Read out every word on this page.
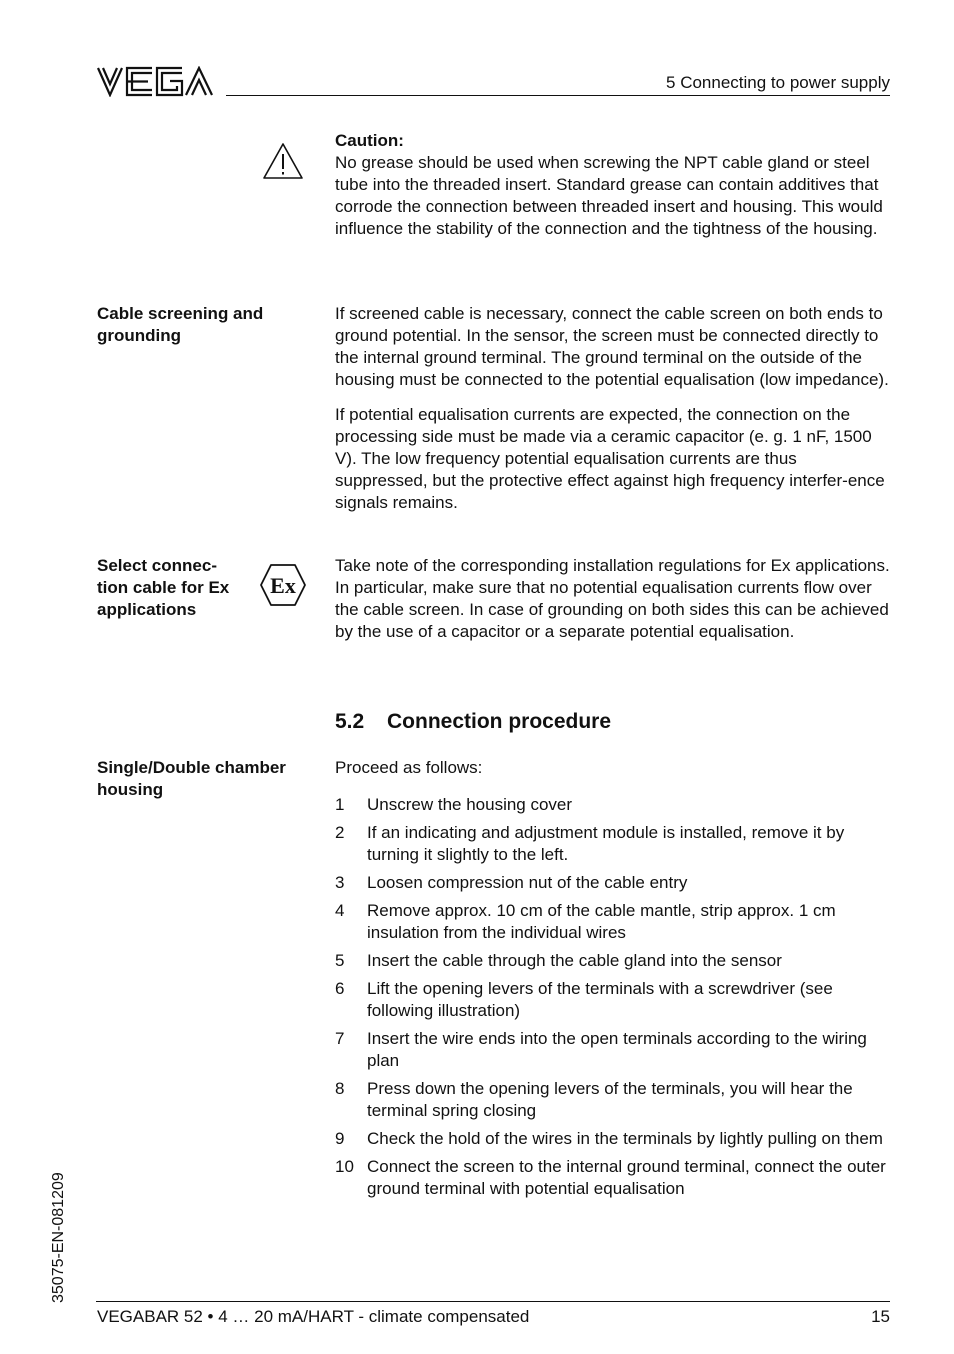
5 Connecting to power supply

Caution:

No grease should be used when screwing the NPT cable gland or steel tube into the threaded insert. Standard grease can contain additives that corrode the connection between threaded insert and housing. This would influence the stability of the connection and the tightness of the housing.

Cable screening and grounding

If screened cable is necessary, connect the cable screen on both ends to ground potential. In the sensor, the screen must be connected directly to the internal ground terminal. The ground terminal on the outside of the housing must be connected to the potential equalisation (low impedance).

If potential equalisation currents are expected, the connection on the processing side must be made via a ceramic capacitor (e. g. 1 nF, 1500 V). The low frequency potential equalisation currents are thus suppressed, but the protective effect against high frequency interfer-ence signals remains.

Select connec-tion cable for Ex applications
Ex
Take note of the corresponding installation regulations for Ex applications. In particular, make sure that no potential equalisation currents flow over the cable screen. In case of grounding on both sides this can be achieved by the use of a capacitor or a separate potential equalisation.
5.2 Connection procedure
Single/Double chamber housing

Proceed as follows:

1	Unscrew the housing cover
2	If an indicating and adjustment module is installed, remove it by turning it slightly to the left.
3	Loosen compression nut of the cable entry
4	Remove approx. 10 cm of the cable mantle, strip approx. 1 cm insulation from the individual wires
5	Insert the cable through the cable gland into the sensor
6	Lift the opening levers of the terminals with a screwdriver (see following illustration)
7	Insert the wire ends into the open terminals according to the wiring plan
8	Press down the opening levers of the terminals, you will hear the terminal spring closing
9	Check the hold of the wires in the terminals by lightly pulling on them
10 Connect the screen to the internal ground terminal, connect the outer ground terminal with potential equalisation
35075-EN-081209
VEGABAR 52 • 4 … 20 mA/HART - climate compensated	15
